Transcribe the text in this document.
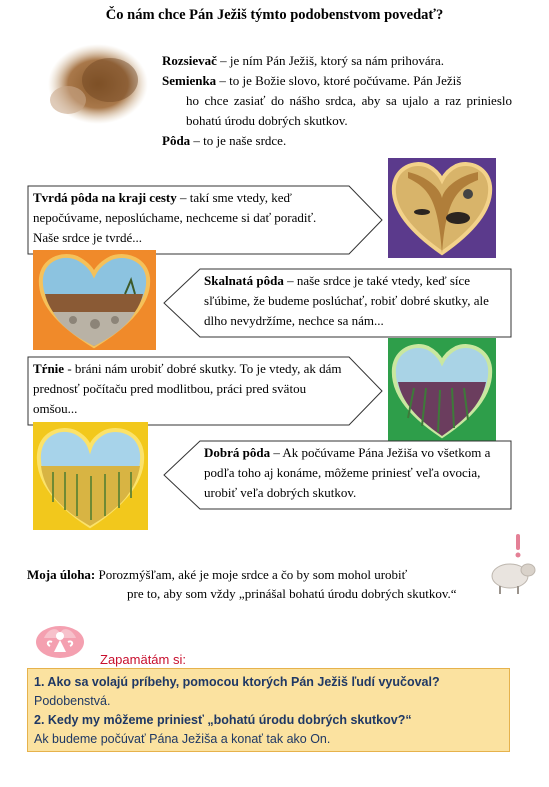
Čo nám chce Pán Ježiš týmto podobenstvom povedať?

Rozsievač – je ním Pán Ježiš, ktorý sa nám prihovára.

Semienka – to je Božie slovo, ktoré počúvame. Pán Ježiš

ho chce zasiať do nášho srdca, aby sa ujalo a raz prinieslo bohatú úrodu dobrých skutkov.

Pôda – to je naše srdce.

Tvrdá pôda na kraji cesty – takí sme vtedy, keď nepočúvame, neposlúchame, nechceme si dať poradiť. Naše srdce je tvrdé...
Skalnatá pôda – naše srdce je také vtedy, keď síce sľúbime, že budeme poslúchať, robiť dobré skutky, ale dlho nevydržíme, nechce sa nám...
Tŕnie - bráni nám urobiť dobré skutky. To je vtedy, ak dám prednosť počítaču pred modlitbou, práci pred svätou omšou...
Dobrá pôda – Ak počúvame Pána Ježiša vo všetkom a podľa toho aj konáme, môžeme priniesť veľa ovocia, urobiť veľa dobrých skutkov.
Moja úloha: Porozmýšľam, aké je moje srdce a čo by som mohol urobiť
pre to, aby som vždy „prinášal bohatú úrodu dobrých skutkov.“
Zapamätám si:
1. Ako sa volajú príbehy, pomocou ktorých Pán Ježiš ľudí vyučoval?
Podobenstvá.
2. Kedy my môžeme priniesť „bohatú úrodu dobrých skutkov?“
Ak budeme počúvať Pána Ježiša a konať tak ako On.
